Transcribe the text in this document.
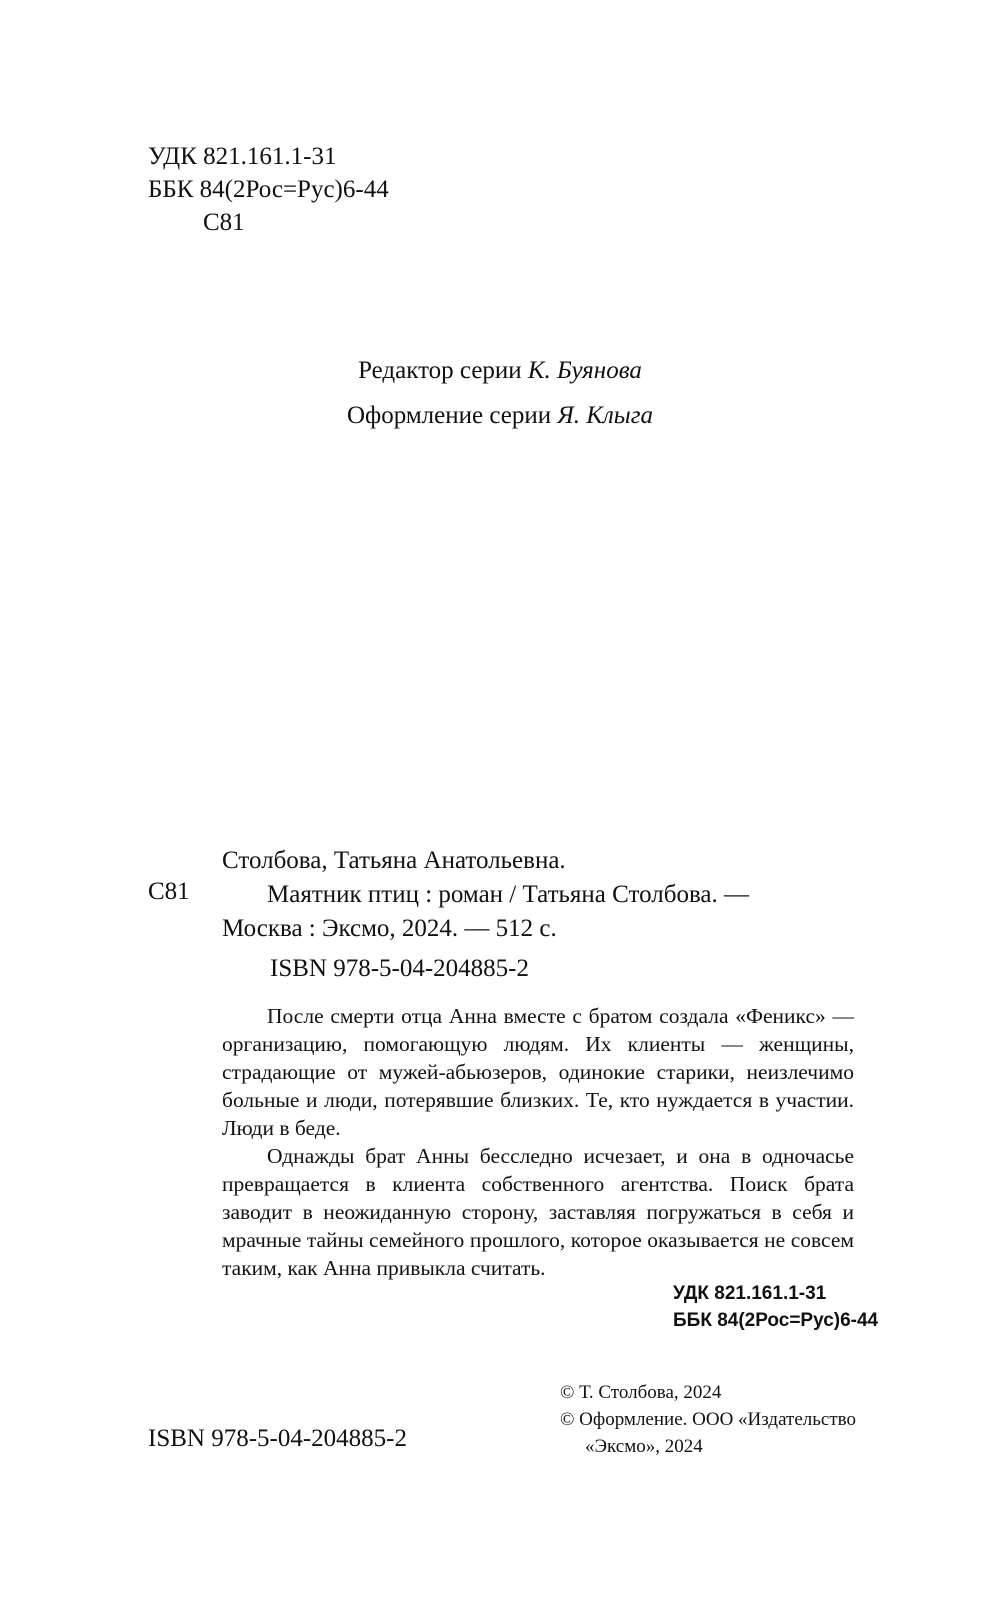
УДК 821.161.1-31
ББК 84(2Рос=Рус)6-44
С81
Редактор серии К. Буянова
Оформление серии Я. Клыга
С81
Столбова, Татьяна Анатольевна.
Маятник птиц : роман / Татьяна Столбова. —
Москва : Эксмо, 2024. — 512 с.
ISBN 978-5-04-204885-2

После смерти отца Анна вместе с братом создала «Феникс» — организацию, помогающую людям. Их клиенты — женщины, страдающие от мужей-абьюзеров, одинокие старики, неизлечимо больные и люди, потерявшие близких. Те, кто нуждается в участии. Люди в беде.

Однажды брат Анны бесследно исчезает, и она в одночасье превращается в клиента собственного агентства. Поиск брата заводит в неожиданную сторону, заставляя погружаться в себя и мрачные тайны семейного прошлого, которое оказывается не совсем таким, как Анна привыкла считать.

УДК 821.161.1-31
ББК 84(2Рос=Рус)6-44
ISBN 978-5-04-204885-2
© Т. Столбова, 2024
© Оформление. ООО «Издательство
«Эксмо», 2024
